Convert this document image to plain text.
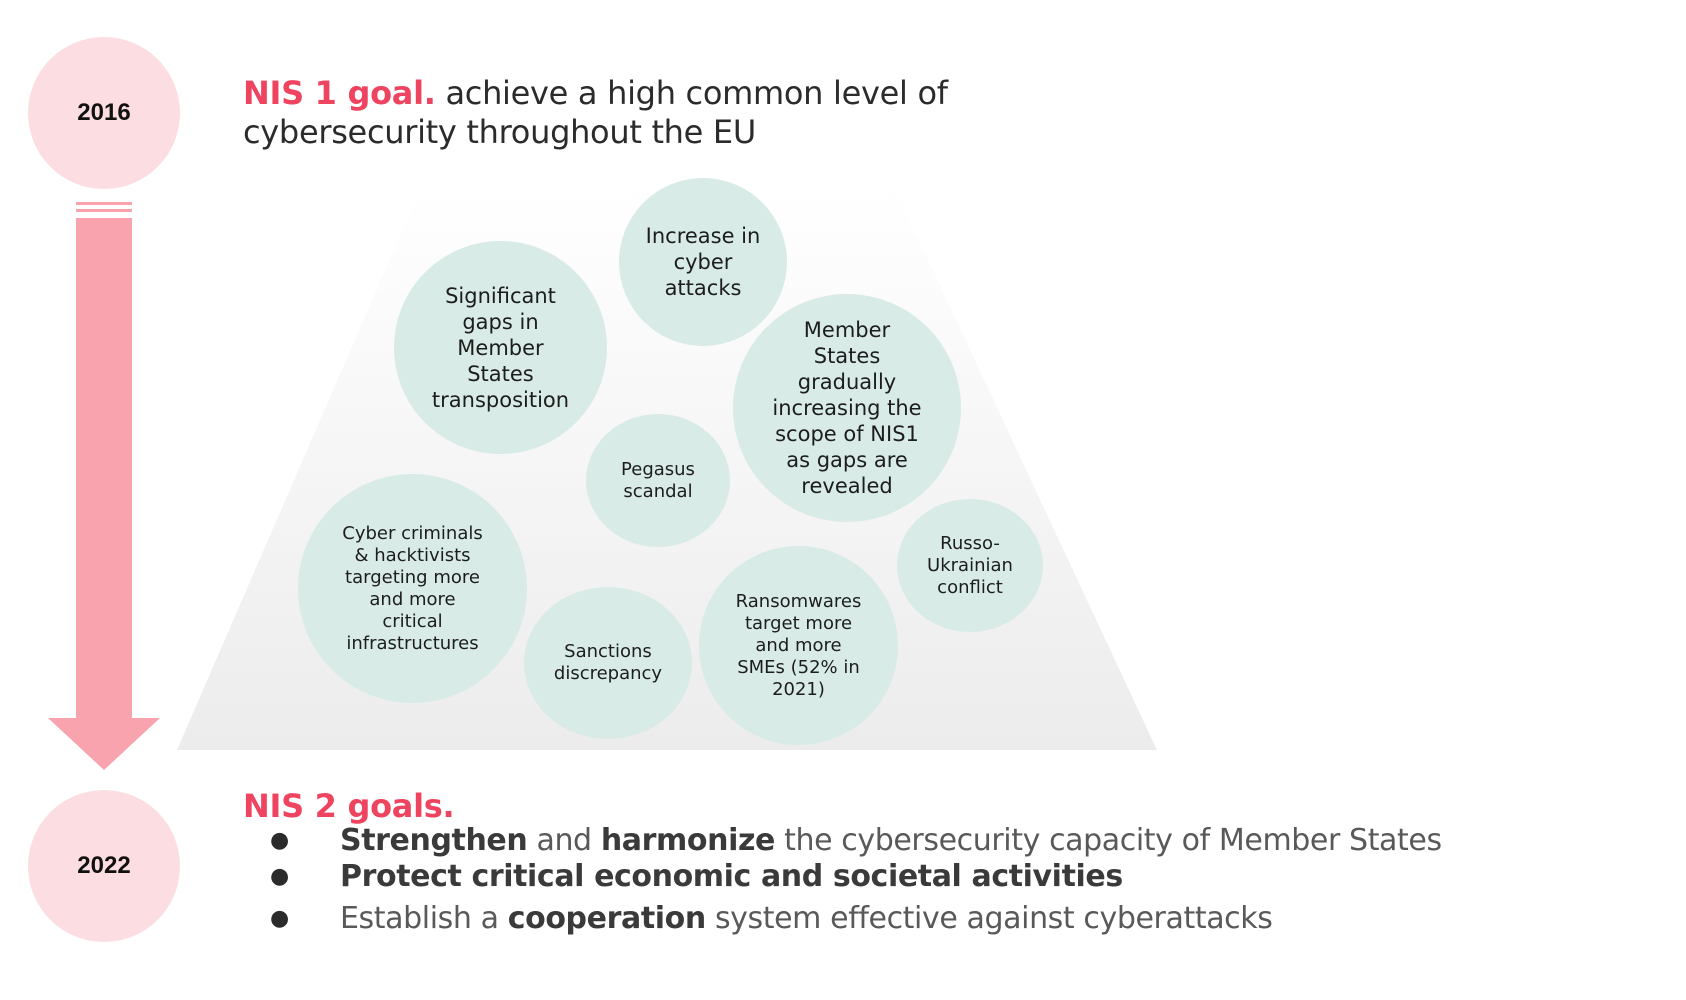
2016
2022
NIS 1 goal. achieve a high common level of
cybersecurity throughout the EU
Increase in
cyber
attacks
Significant
gaps in
Member
States
transposition
Member
States
gradually
increasing the
scope of NIS1
as gaps are
revealed
Pegasus
scandal
Cyber criminals
& hacktivists
targeting more
and more
critical
infrastructures
Russo-
Ukrainian
conflict
Ransomwares
target more
and more
SMEs (52% in
2021)
Sanctions
discrepancy
NIS 2 goals.
● Strengthen and harmonize the cybersecurity capacity of Member States
● Protect critical economic and societal activities
● Establish a cooperation system effective against cyberattacks
